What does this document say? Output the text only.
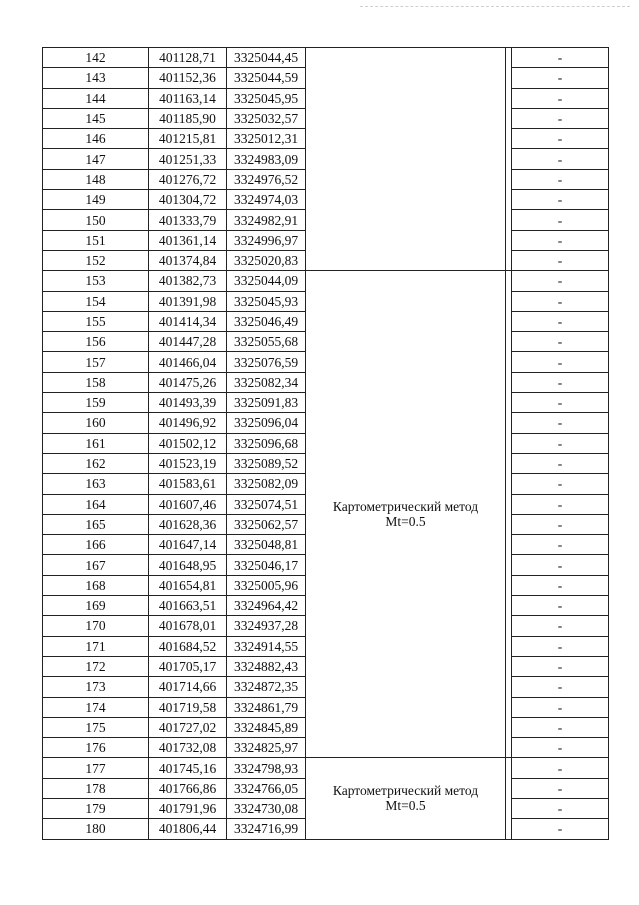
142	401128,71	3325044,45			-
143	401152,36	3325044,59			-
144	401163,14	3325045,95			-
145	401185,90	3325032,57			-
146	401215,81	3325012,31			-
147	401251,33	3324983,09			-
148	401276,72	3324976,52			-
149	401304,72	3324974,03			-
150	401333,79	3324982,91			-
151	401361,14	3324996,97			-
152	401374,84	3325020,83			-
153	401382,73	3325044,09	Картометрический метод
Mt=0.5		-
154	401391,98	3325045,93			-
155	401414,34	3325046,49			-
156	401447,28	3325055,68			-
157	401466,04	3325076,59			-
158	401475,26	3325082,34			-
159	401493,39	3325091,83			-
160	401496,92	3325096,04			-
161	401502,12	3325096,68			-
162	401523,19	3325089,52			-
163	401583,61	3325082,09			-
164	401607,46	3325074,51			-
165	401628,36	3325062,57			-
166	401647,14	3325048,81			-
167	401648,95	3325046,17			-
168	401654,81	3325005,96			-
169	401663,51	3324964,42			-
170	401678,01	3324937,28			-
171	401684,52	3324914,55			-
172	401705,17	3324882,43			-
173	401714,66	3324872,35			-
174	401719,58	3324861,79			-
175	401727,02	3324845,89			-
176	401732,08	3324825,97			-
177	401745,16	3324798,93	Картометрический метод
Mt=0.5		-
178	401766,86	3324766,05			-
179	401791,96	3324730,08			-
180	401806,44	3324716,99			-
